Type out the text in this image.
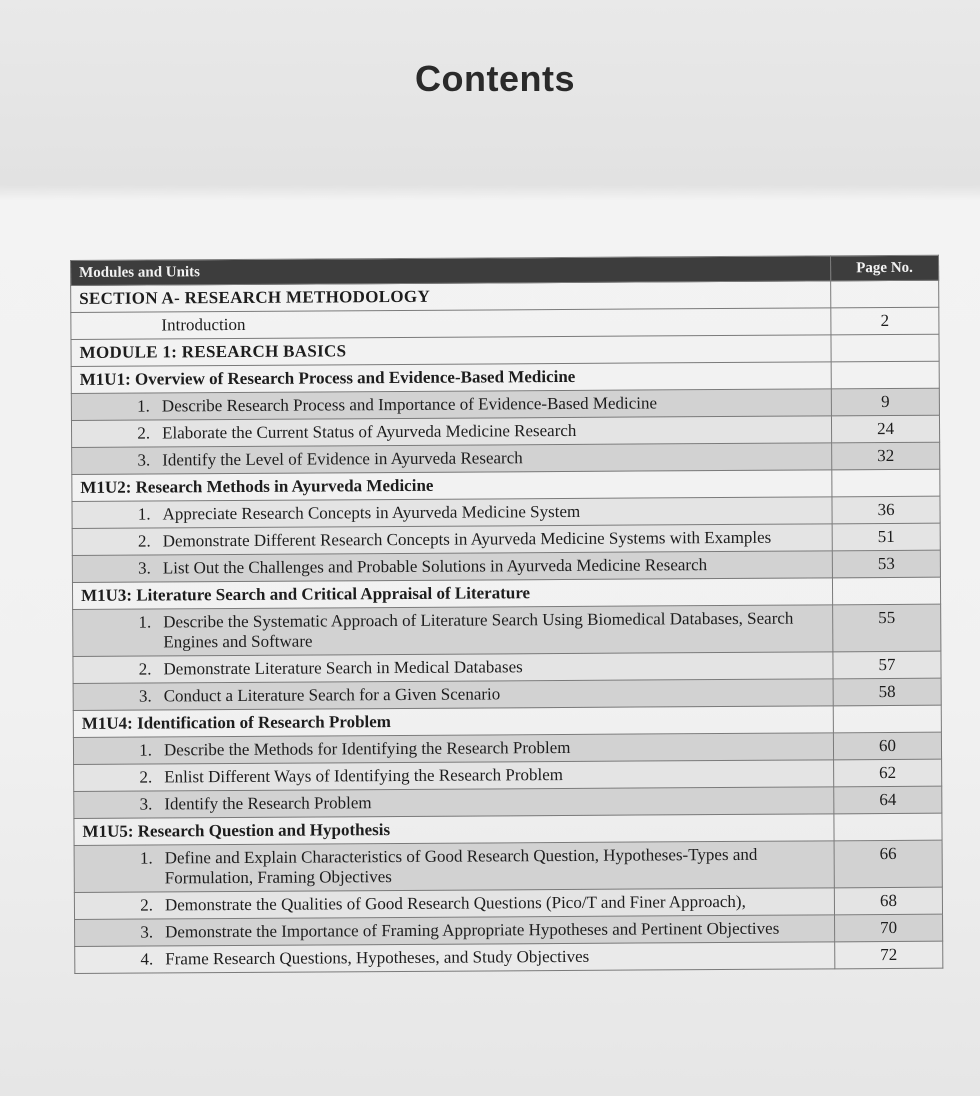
Contents
Modules and Units	Page No.
SECTION A- RESEARCH METHODOLOGY	

Introduction	2
MODULE 1: RESEARCH BASICS	
M1U1: Overview of Research Process and Evidence-Based Medicine	

1. Describe Research Process and Importance of Evidence-Based Medicine	9

2. Elaborate the Current Status of Ayurveda Medicine Research	24

3. Identify the Level of Evidence in Ayurveda Research	32
M1U2: Research Methods in Ayurveda Medicine	

1. Appreciate Research Concepts in Ayurveda Medicine System	36

2. Demonstrate Different Research Concepts in Ayurveda Medicine Systems with Examples	51

3. List Out the Challenges and Probable Solutions in Ayurveda Medicine Research	53
M1U3: Literature Search and Critical Appraisal of Literature	

1. Describe the Systematic Approach of Literature Search Using Biomedical Databases, Search Engines and Software	55

2. Demonstrate Literature Search in Medical Databases	57

3. Conduct a Literature Search for a Given Scenario	58
M1U4: Identification of Research Problem	

1. Describe the Methods for Identifying the Research Problem	60

2. Enlist Different Ways of Identifying the Research Problem	62

3. Identify the Research Problem	64
M1U5: Research Question and Hypothesis	

1. Define and Explain Characteristics of Good Research Question, Hypotheses-Types and Formulation, Framing Objectives	66

2. Demonstrate the Qualities of Good Research Questions (Pico/T and Finer Approach),	68

3. Demonstrate the Importance of Framing Appropriate Hypotheses and Pertinent Objectives	70

4. Frame Research Questions, Hypotheses, and Study Objectives	72
